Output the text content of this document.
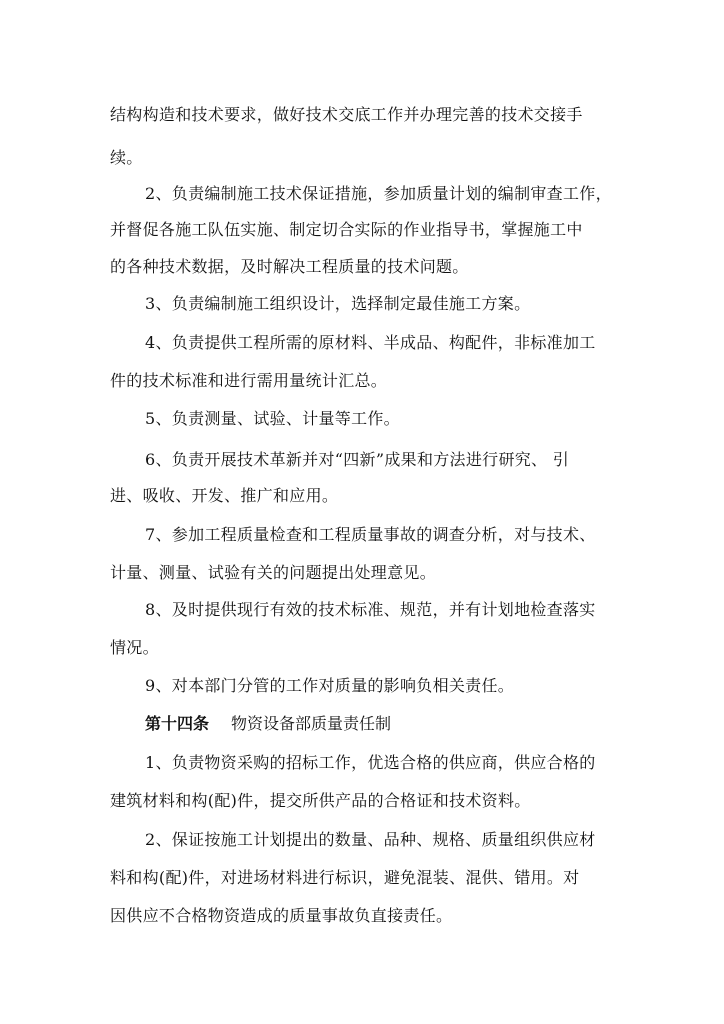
结构构造和技术要求，做好技术交底工作并办理完善的技术交接手
续。
2、负责编制施工技术保证措施，参加质量计划的编制审查工作，
并督促各施工队伍实施、制定切合实际的作业指导书，掌握施工中
的各种技术数据，及时解决工程质量的技术问题。
3、负责编制施工组织设计，选择制定最佳施工方案。
4、负责提供工程所需的原材料、半成品、构配件，非标准加工
件的技术标准和进行需用量统计汇总。
5、负责测量、试验、计量等工作。
6、负责开展技术革新并对“四新”成果和方法进行研究、 引
进、吸收、开发、推广和应用。
7、参加工程质量检查和工程质量事故的调查分析，对与技术、
计量、测量、试验有关的问题提出处理意见。
8、及时提供现行有效的技术标准、规范，并有计划地检查落实
情况。
9、对本部门分管的工作对质量的影响负相关责任。
第十四条 物资设备部质量责任制
1、负责物资采购的招标工作，优选合格的供应商，供应合格的
建筑材料和构(配)件，提交所供产品的合格证和技术资料。
2、保证按施工计划提出的数量、品种、规格、质量组织供应材
料和构(配)件，对进场材料进行标识，避免混装、混供、错用。对
因供应不合格物资造成的质量事故负直接责任。
